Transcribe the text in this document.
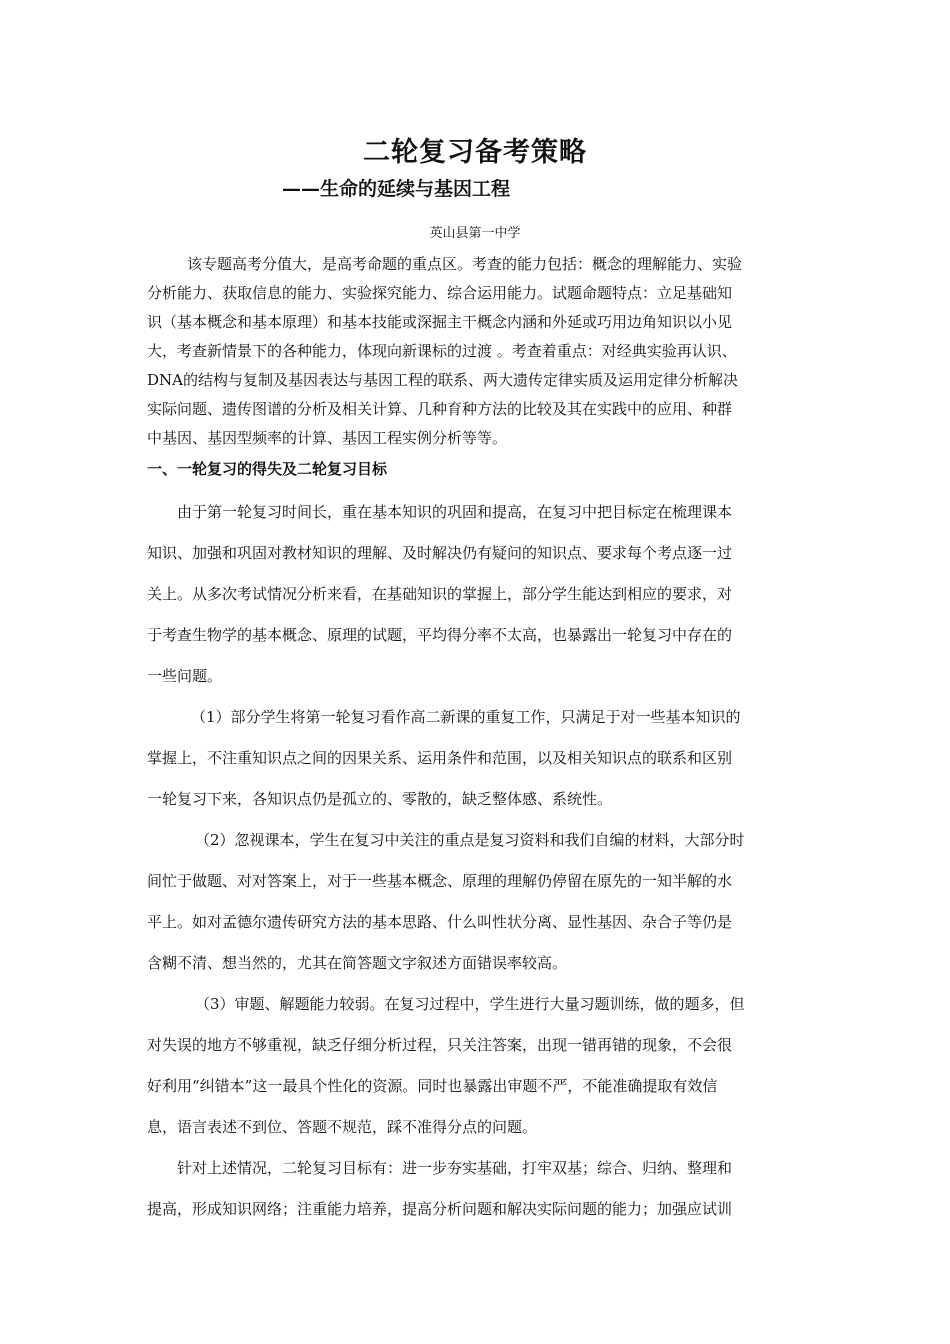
二轮复习备考策略
——生命的延续与基因工程
英山县第一中学
该专题高考分值大，是高考命题的重点区。考查的能力包括：概念的理解能力、实验
分析能力、获取信息的能力、实验探究能力、综合运用能力。试题命题特点：立足基础知
识（基本概念和基本原理）和基本技能或深掘主干概念内涵和外延或巧用边角知识以小见
大，考查新情景下的各种能力，体现向新课标的过渡 。考查着重点：对经典实验再认识、
DNA的结构与复制及基因表达与基因工程的联系、两大遗传定律实质及运用定律分析解决
实际问题、遗传图谱的分析及相关计算、几种育种方法的比较及其在实践中的应用、种群
中基因、基因型频率的计算、基因工程实例分析等等。
一、一轮复习的得失及二轮复习目标
由于第一轮复习时间长，重在基本知识的巩固和提高，在复习中把目标定在梳理课本
知识、加强和巩固对教材知识的理解、及时解决仍有疑问的知识点、要求每个考点逐一过
关上。从多次考试情况分析来看，在基础知识的掌握上，部分学生能达到相应的要求，对
于考查生物学的基本概念、原理的试题，平均得分率不太高，也暴露出一轮复习中存在的
一些问题。
（1）部分学生将第一轮复习看作高二新课的重复工作，只满足于对一些基本知识的
掌握上，不注重知识点之间的因果关系、运用条件和范围，以及相关知识点的联系和区别
一轮复习下来，各知识点仍是孤立的、零散的，缺乏整体感、系统性。
（2）忽视课本，学生在复习中关注的重点是复习资料和我们自编的材料，大部分时
间忙于做题、对对答案上，对于一些基本概念、原理的理解仍停留在原先的一知半解的水
平上。如对孟德尔遗传研究方法的基本思路、什么叫性状分离、显性基因、杂合子等仍是
含糊不清、想当然的，尤其在简答题文字叙述方面错误率较高。
（3）审题、解题能力较弱。在复习过程中，学生进行大量习题训练，做的题多，但
对失误的地方不够重视，缺乏仔细分析过程，只关注答案，出现一错再错的现象，不会很
好利用“纠错本”这一最具个性化的资源。同时也暴露出审题不严，不能准确提取有效信
息，语言表述不到位、答题不规范，踩不准得分点的问题。
针对上述情况，二轮复习目标有：进一步夯实基础，打牢双基；综合、归纳、整理和
提高，形成知识网络；注重能力培养，提高分析问题和解决实际问题的能力；加强应试训
